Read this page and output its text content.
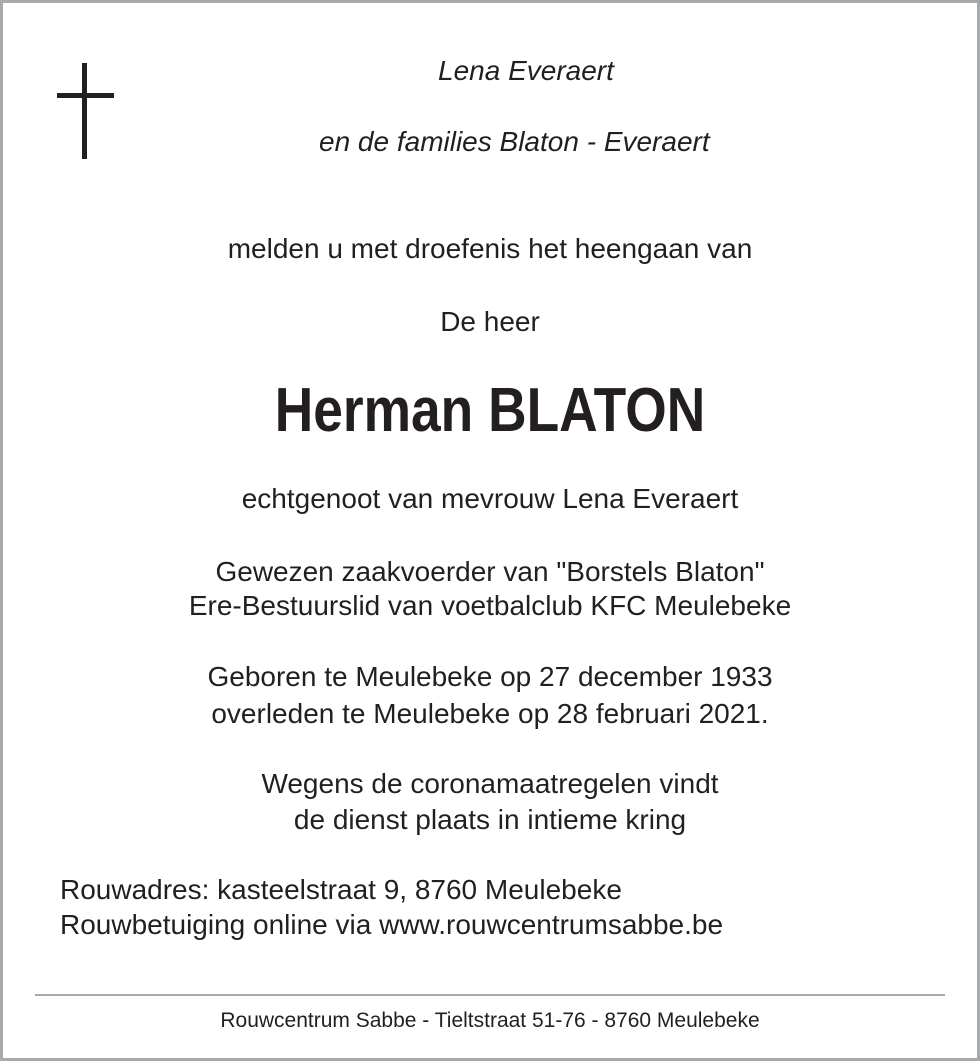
Lena Everaert
en de families Blaton - Everaert
melden u met droefenis het heengaan van
De heer
Herman BLATON
echtgenoot van mevrouw Lena Everaert
Gewezen zaakvoerder van "Borstels Blaton"
Ere-Bestuurslid van voetbalclub KFC Meulebeke
Geboren te Meulebeke op 27 december 1933
overleden te Meulebeke op 28 februari 2021.
Wegens de coronamaatregelen vindt
de dienst plaats in intieme kring
Rouwadres: kasteelstraat 9, 8760 Meulebeke
Rouwbetuiging online via www.rouwcentrumsabbe.be
Rouwcentrum Sabbe - Tieltstraat 51-76 - 8760 Meulebeke
